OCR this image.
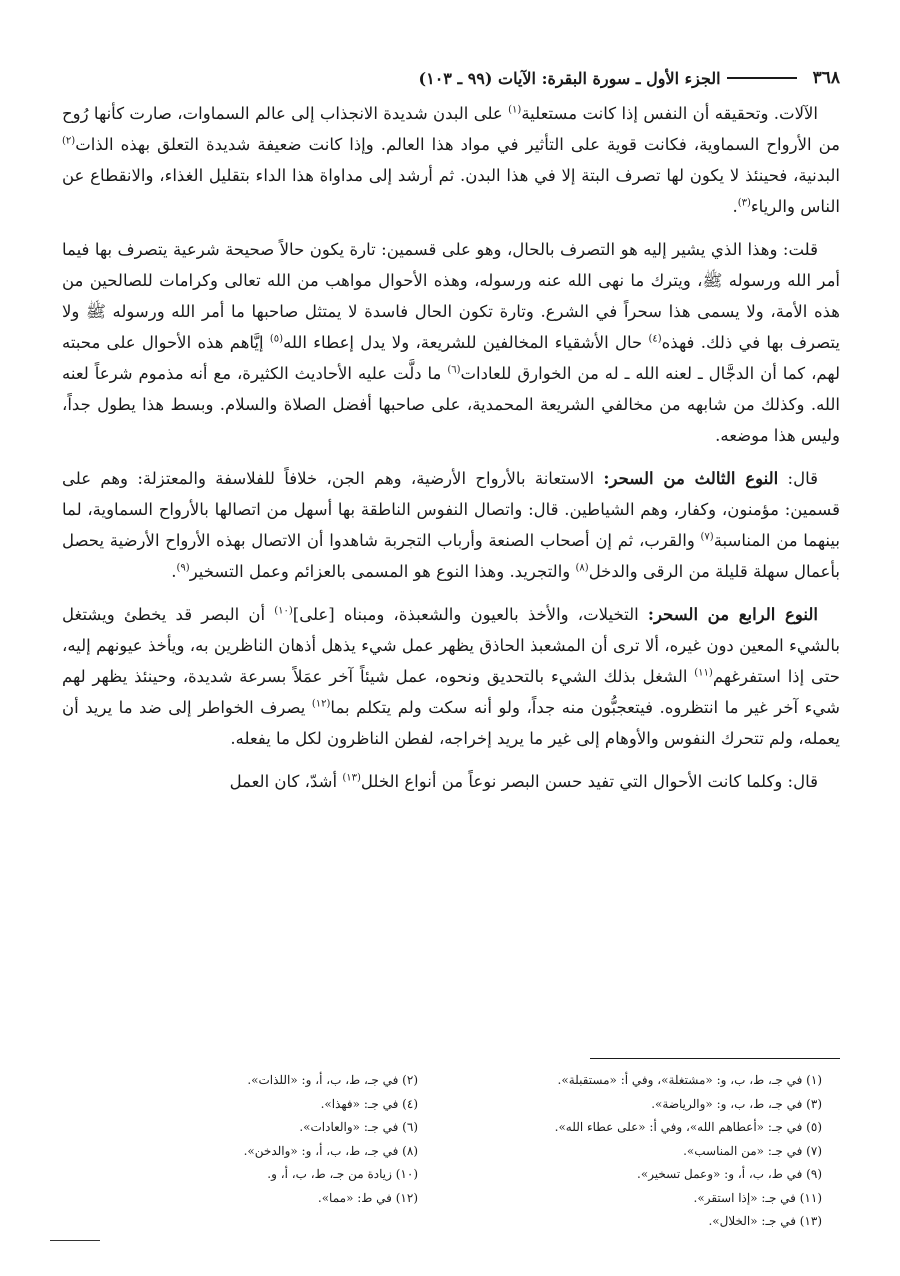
٣٦٨
الجزء الأول ـ سورة البقرة: الآيات (٩٩ ـ ١٠٣)

الآلات. وتحقيقه أن النفس إذا كانت مستعلية$^{(١)}$ على البدن شديدة الانجذاب إلى عالم السماوات، صارت كأنها رُوح من الأرواح السماوية، فكانت قوية على التأثير في مواد هذا العالم. وإذا كانت ضعيفة شديدة التعلق بهذه الذات$^{(٢)}$ البدنية، فحينئذ لا يكون لها تصرف البتة إلا في هذا البدن. ثم أرشد إلى مداواة هذا الداء بتقليل الغذاء، والانقطاع عن الناس والرياء$^{(٣)}$.

قلت: وهذا الذي يشير إليه هو التصرف بالحال، وهو على قسمين: تارة يكون حالاً صحيحة شرعية يتصرف بها فيما أمر الله ورسوله ﷺ، ويترك ما نهى الله عنه ورسوله، وهذه الأحوال مواهب من الله تعالى وكرامات للصالحين من هذه الأمة، ولا يسمى هذا سحراً في الشرع. وتارة تكون الحال فاسدة لا يمتثل صاحبها ما أمر الله ورسوله ﷺ ولا يتصرف بها في ذلك. فهذه$^{(٤)}$ حال الأشقياء المخالفين للشريعة، ولا يدل إعطاء الله$^{(٥)}$ إيَّاهم هذه الأحوال على محبته لهم، كما أن الدجَّال ـ لعنه الله ـ له من الخوارق للعادات$^{(٦)}$ ما دلَّت عليه الأحاديث الكثيرة، مع أنه مذموم شرعاً لعنه الله. وكذلك من شابهه من مخالفي الشريعة المحمدية، على صاحبها أفضل الصلاة والسلام. وبسط هذا يطول جداً، وليس هذا موضعه.

قال: النوع الثالث من السحر: الاستعانة بالأرواح الأرضية، وهم الجن، خلافاً للفلاسفة والمعتزلة: وهم على قسمين: مؤمنون، وكفار، وهم الشياطين. قال: واتصال النفوس الناطقة بها أسهل من اتصالها بالأرواح السماوية، لما بينهما من المناسبة$^{(٧)}$ والقرب، ثم إن أصحاب الصنعة وأرباب التجربة شاهدوا أن الاتصال بهذه الأرواح الأرضية يحصل بأعمال سهلة قليلة من الرقى والدخل$^{(٨)}$ والتجريد. وهذا النوع هو المسمى بالعزائم وعمل التسخير$^{(٩)}$.

النوع الرابع من السحر: التخيلات، والأخذ بالعيون والشعبذة، ومبناه [على]$^{(١٠)}$ أن البصر قد يخطئ ويشتغل بالشيء المعين دون غيره، ألا ترى أن المشعبذ الحاذق يظهر عمل شيء يذهل أذهان الناظرين به، ويأخذ عيونهم إليه، حتى إذا استفرغهم$^{(١١)}$ الشغل بذلك الشيء بالتحديق ونحوه، عمل شيئاً آخر عمَلاً بسرعة شديدة، وحينئذ يظهر لهم شيء آخر غير ما انتظروه. فيتعجبُّون منه جداً، ولو أنه سكت ولم يتكلم بما$^{(١٢)}$ يصرف الخواطر إلى ضد ما يريد أن يعمله، ولم تتحرك النفوس والأوهام إلى غير ما يريد إخراجه، لفطن الناظرون لكل ما يفعله.

قال: وكلما كانت الأحوال التي تفيد حسن البصر نوعاً من أنواع الخلل$^{(١٣)}$ أشدّ، كان العمل

(١) في جـ، ط، ب، و: «مشتغلة»، وفي أ: «مستقبلة».
(٣) في جـ، ط، ب، و: «والرياضة».
(٥) في جـ: «أعطاهم الله»، وفي أ: «على عطاء الله».
(٧) في جـ: «من المناسب».
(٩) في ط، ب، أ، و: «وعمل تسخير».
(١١) في جـ: «إذا استقر».
(١٣) في جـ: «الخلال».
(٢) في جـ، ط، ب، أ، و: «اللذات».
(٤) في جـ: «فهذا».
(٦) في جـ: «والعادات».
(٨) في جـ، ط، ب، أ، و: «والدخن».
(١٠) زيادة من جـ، ط، ب، أ، و.
(١٢) في ط: «مما».
